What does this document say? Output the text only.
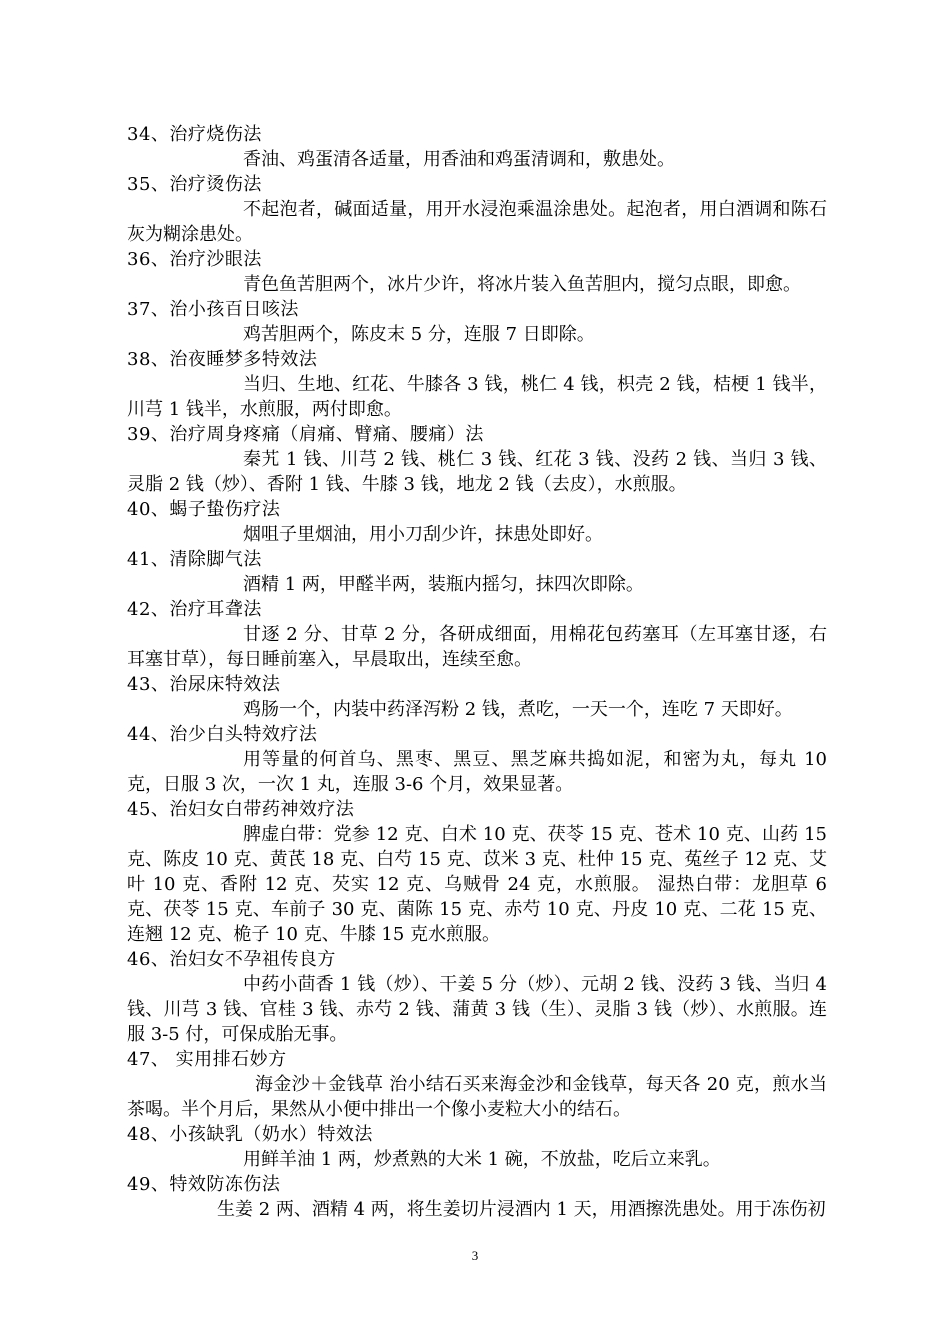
34、治疗烧伤法
香油、鸡蛋清各适量，用香油和鸡蛋清调和，敷患处。
35、治疗烫伤法
不起泡者，碱面适量，用开水浸泡乘温涂患处。起泡者，用白酒调和陈石灰为糊涂患处。
36、治疗沙眼法
青色鱼苦胆两个，冰片少许，将冰片装入鱼苦胆内，搅匀点眼，即愈。
37、治小孩百日咳法
鸡苦胆两个，陈皮末 5 分，连服 7 日即除。
38、治夜睡梦多特效法
当归、生地、红花、牛膝各 3 钱，桃仁 4 钱，枳壳 2 钱，桔梗 1 钱半，川芎 1 钱半，水煎服，两付即愈。
39、治疗周身疼痛（肩痛、臂痛、腰痛）法
秦艽 1 钱、川芎 2 钱、桃仁 3 钱、红花 3 钱、没药 2 钱、当归 3 钱、灵脂 2 钱（炒）、香附 1 钱、牛膝 3 钱，地龙 2 钱（去皮），水煎服。
40、蝎子蛰伤疗法
烟咀子里烟油，用小刀刮少许，抹患处即好。
41、清除脚气法
酒精 1 两，甲醛半两，装瓶内摇匀，抹四次即除。
42、治疗耳聋法
甘逐 2 分、甘草 2 分，各研成细面，用棉花包药塞耳（左耳塞甘逐，右耳塞甘草），每日睡前塞入，早晨取出，连续至愈。
43、治尿床特效法
鸡肠一个，内装中药泽泻粉 2 钱，煮吃，一天一个，连吃 7 天即好。
44、治少白头特效疗法
用等量的何首乌、黑枣、黑豆、黑芝麻共捣如泥，和密为丸，每丸 10 克，日服 3 次，一次 1 丸，连服 3-6 个月，效果显著。
45、治妇女白带药神效疗法
脾虚白带：党参 12 克、白术 10 克、茯苓 15 克、苍术 10 克、山药 15 克、陈皮 10 克、黄芪 18 克、白芍 15 克、苡米 3 克、杜仲 15 克、菟丝子 12 克、艾叶 10 克、香附 12 克、芡实 12 克、乌贼骨 24 克，水煎服。 湿热白带：龙胆草 6 克、茯苓 15 克、车前子 30 克、菌陈 15 克、赤芍 10 克、丹皮 10 克、二花 15 克、连翘 12 克、桅子 10 克、牛膝 15 克水煎服。
46、治妇女不孕祖传良方
中药小茴香 1 钱（炒）、干姜 5 分（炒）、元胡 2 钱、没药 3 钱、当归 4 钱、川芎 3 钱、官桂 3 钱、赤芍 2 钱、蒲黄 3 钱（生）、灵脂 3 钱（炒）、水煎服。连服 3-5 付，可保成胎无事。
47、 实用排石妙方
海金沙＋金钱草 治小结石买来海金沙和金钱草，每天各 20 克，煎水当茶喝。半个月后，果然从小便中排出一个像小麦粒大小的结石。
48、小孩缺乳（奶水）特效法
用鲜羊油 1 两，炒煮熟的大米 1 碗，不放盐，吃后立来乳。
49、特效防冻伤法
生姜 2 两、酒精 4 两，将生姜切片浸酒内 1 天，用酒擦洗患处。用于冻伤初
3
